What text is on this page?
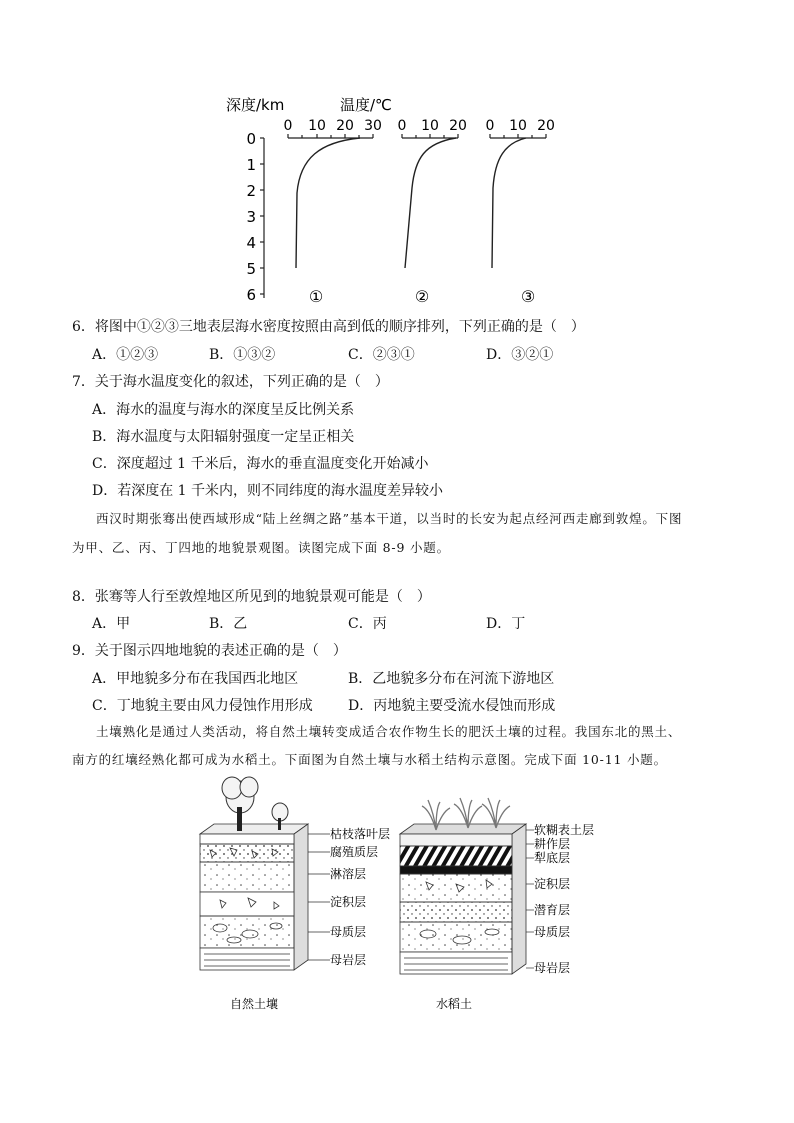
深度/km	温度/℃
0
1
2
3
4
5
6
0 10 20 30
①
0 10 20
②
0 10 20
③
6．将图中①②③三地表层海水密度按照由高到低的顺序排列，下列正确的是（　）
A．①②③	B．①③②	C．②③①	D．③②①
7．关于海水温度变化的叙述，下列正确的是（　）
A．海水的温度与海水的深度呈反比例关系
B．海水温度与太阳辐射强度一定呈正相关
C．深度超过 1 千米后，海水的垂直温度变化开始减小
D．若深度在 1 千米内，则不同纬度的海水温度差异较小
西汉时期张骞出使西域形成“陆上丝绸之路”基本干道，以当时的长安为起点经河西走廊到敦煌。下图
为甲、乙、丙、丁四地的地貌景观图。读图完成下面 8-9 小题。
8．张骞等人行至敦煌地区所见到的地貌景观可能是（　）
A．甲	B．乙	C．丙	D．丁
9．关于图示四地地貌的表述正确的是（　）
A．甲地貌多分布在我国西北地区	B．乙地貌多分布在河流下游地区
C．丁地貌主要由风力侵蚀作用形成	D．丙地貌主要受流水侵蚀而形成
土壤熟化是通过人类活动，将自然土壤转变成适合农作物生长的肥沃土壤的过程。我国东北的黑土、
南方的红壤经熟化都可成为水稻土。下面图为自然土壤与水稻土结构示意图。完成下面 10-11 小题。
自然土壤
枯枝落叶层
腐殖质层
淋溶层
淀积层
母质层
母岩层
水稻土
软糊表土层
耕作层
犁底层
淀积层
潜育层
母质层
母岩层
